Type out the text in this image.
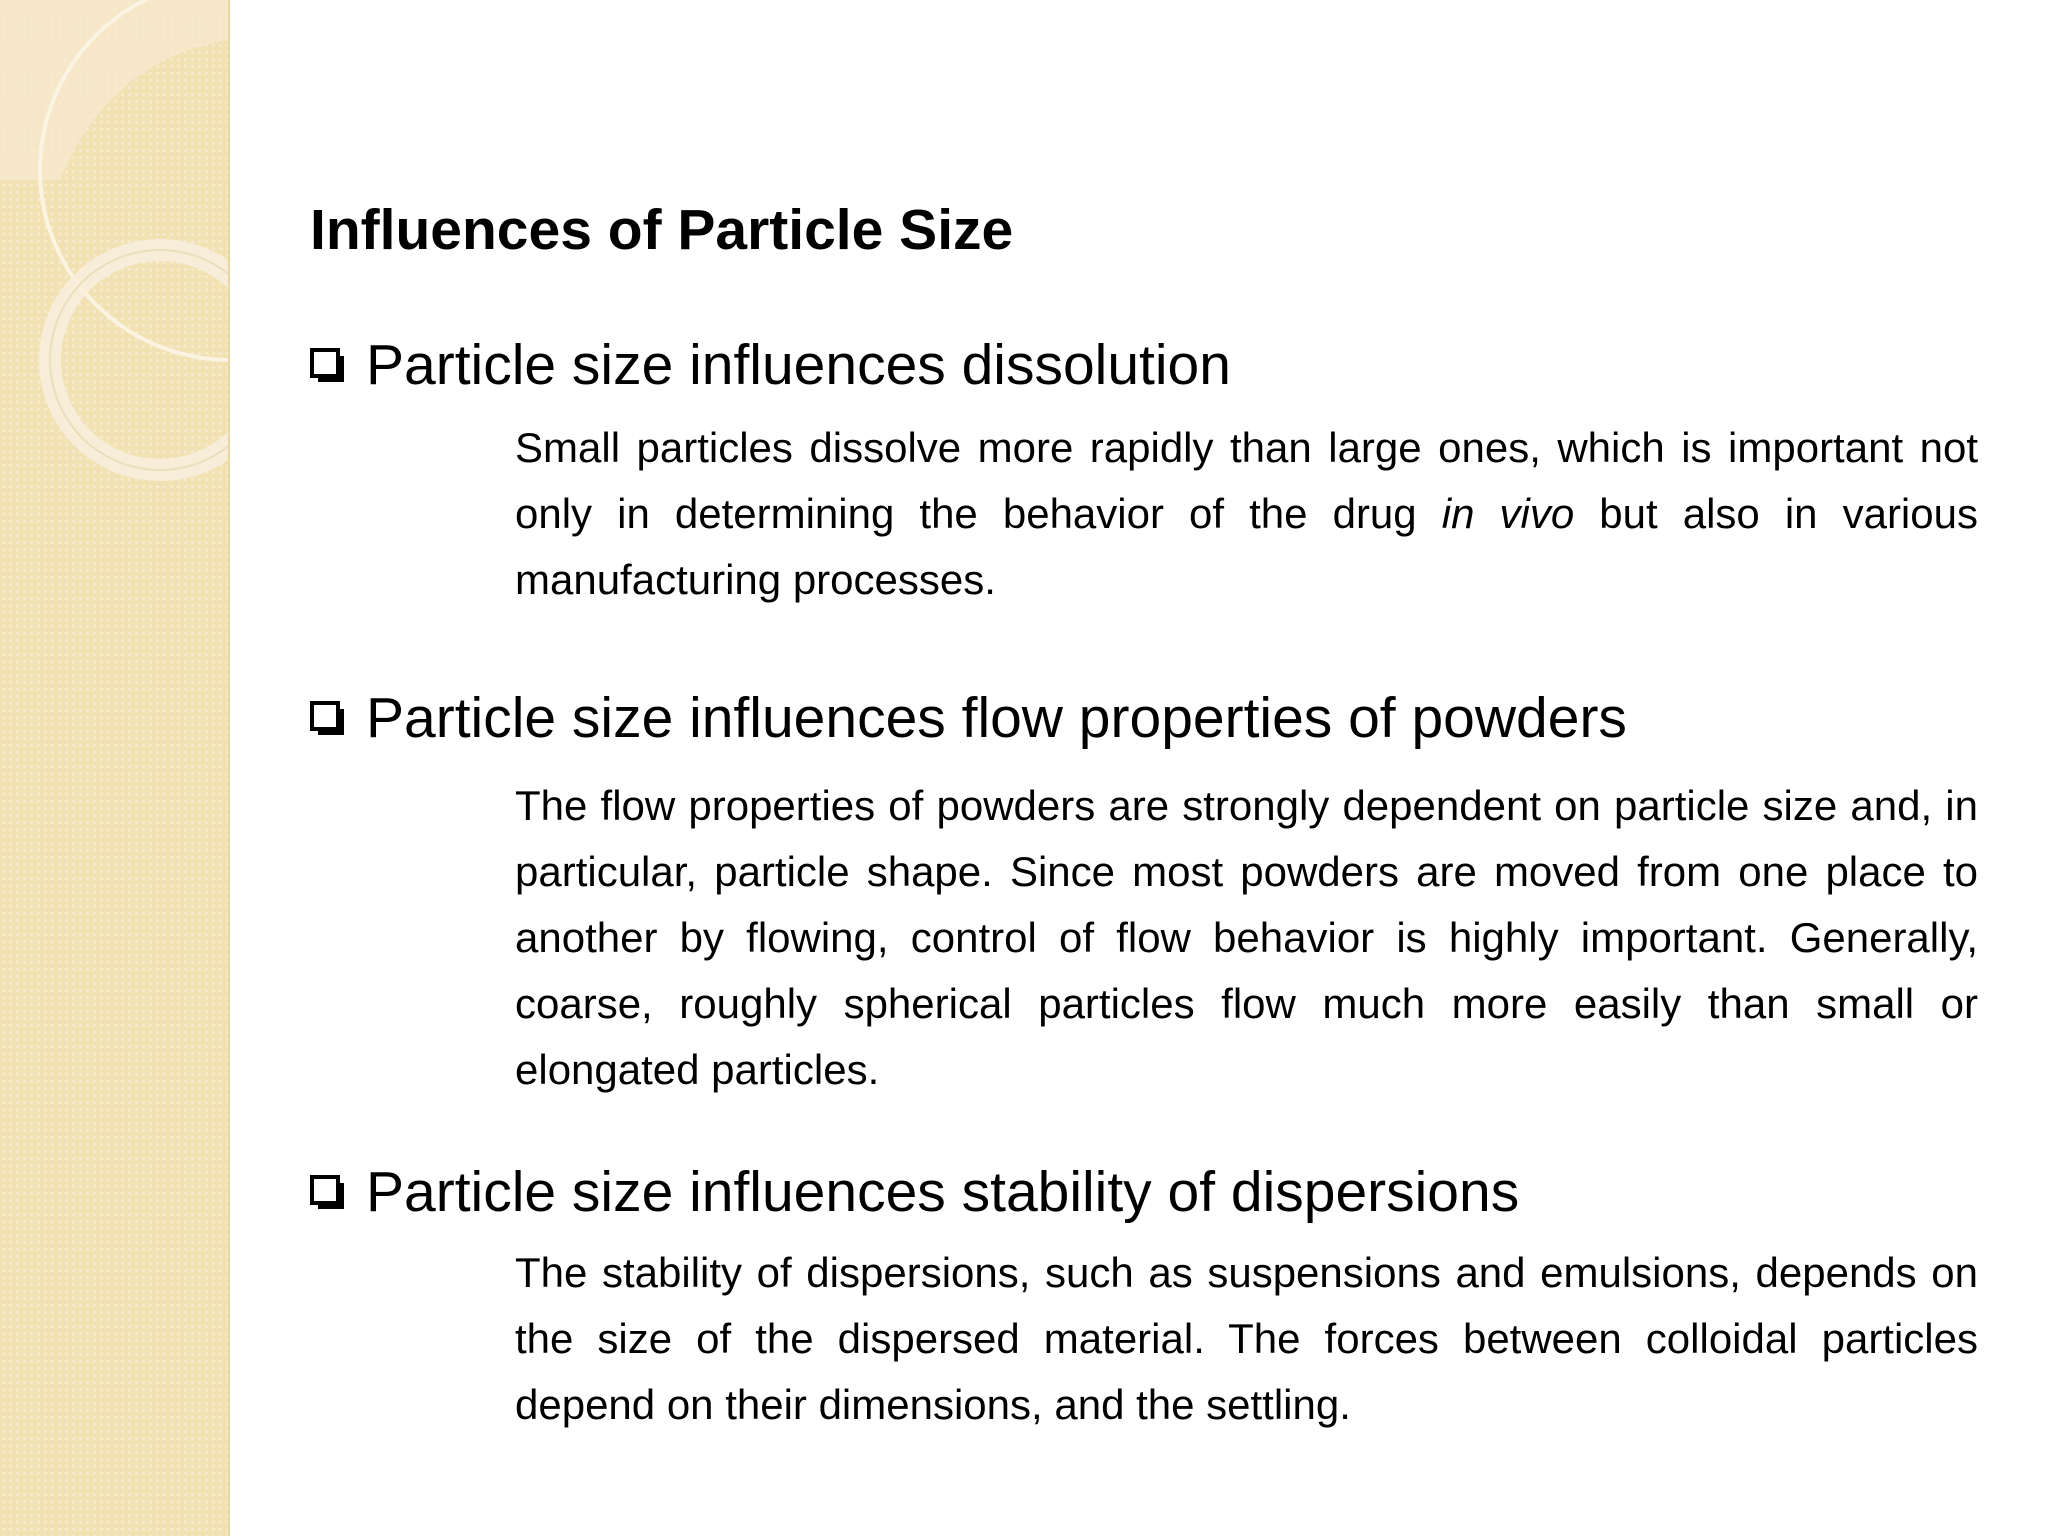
Influences of Particle Size
Particle size influences dissolution
Small particles dissolve more rapidly than large ones, which is important not only in determining the behavior of the drug in vivo but also in various manufacturing processes.
Particle size influences flow properties of powders
The flow properties of powders are strongly dependent on particle size and, in particular, particle shape. Since most powders are moved from one place to another by flowing, control of flow behavior is highly important. Generally, coarse, roughly spherical particles flow much more easily than small or elongated particles.
Particle size influences stability of dispersions
The stability of dispersions, such as suspensions and emulsions, depends on the size of the dispersed material. The forces between colloidal particles depend on their dimensions, and the settling.
